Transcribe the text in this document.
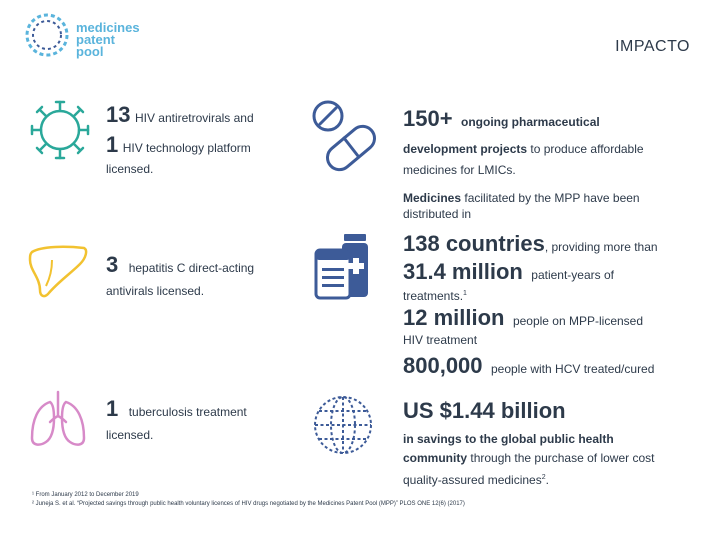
medicines
patent
pool	IMPACTO
13 HIV antiretrovirals and
1 HIV technology platform
licensed.
3 hepatitis C direct-acting
antivirals licensed.
1 tuberculosis treatment
licensed.
150+ ongoing pharmaceutical
development projects to produce affordable
medicines for LMICs.
Medicines facilitated by the MPP have been
distributed in
138 countries, providing more than
31.4 million patient-years of
treatments.$^1$
12 million people on MPP-licensed
HIV treatment
800,000 people with HCV treated/cured
US $1.44 billion
in savings to the global public health
community through the purchase of lower cost
quality-assured medicines$^2$.
¹ From January 2012 to December 2019
² Juneja S. et al. “Projected savings through public health voluntary licences of HIV drugs negotiated by the Medicines Patent Pool (MPP)” PLOS ONE 12(6) (2017)
